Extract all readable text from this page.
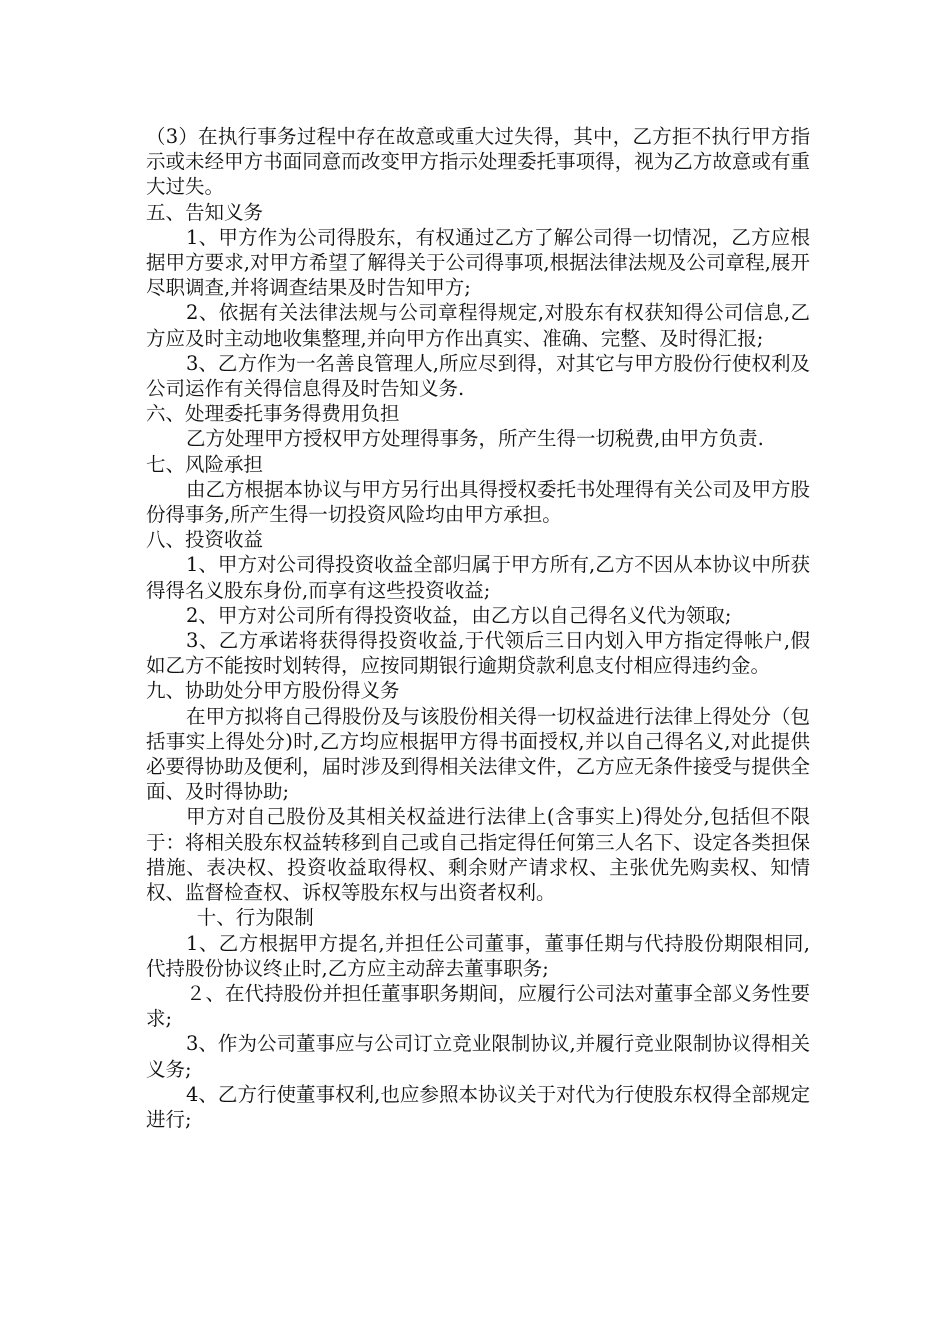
（3）在执行事务过程中存在故意或重大过失得，其中，乙方拒不执行甲方指示或未经甲方书面同意而改变甲方指示处理委托事项得，视为乙方故意或有重大过失。

五、告知义务

1、甲方作为公司得股东，有权通过乙方了解公司得一切情况，乙方应根据甲方要求,对甲方希望了解得关于公司得事项,根据法律法规及公司章程,展开尽职调查,并将调查结果及时告知甲方;

2、依据有关法律法规与公司章程得规定,对股东有权获知得公司信息,乙方应及时主动地收集整理,并向甲方作出真实、准确、完整、及时得汇报;

3、乙方作为一名善良管理人,所应尽到得，对其它与甲方股份行使权利及公司运作有关得信息得及时告知义务.

六、处理委托事务得费用负担

乙方处理甲方授权甲方处理得事务，所产生得一切税费,由甲方负责.

七、风险承担

由乙方根据本协议与甲方另行出具得授权委托书处理得有关公司及甲方股份得事务,所产生得一切投资风险均由甲方承担。

八、投资收益

1、甲方对公司得投资收益全部归属于甲方所有,乙方不因从本协议中所获得得名义股东身份,而享有这些投资收益;

2、甲方对公司所有得投资收益，由乙方以自己得名义代为领取;

3、乙方承诺将获得得投资收益,于代领后三日内划入甲方指定得帐户,假如乙方不能按时划转得，应按同期银行逾期贷款利息支付相应得违约金。

九、协助处分甲方股份得义务

在甲方拟将自己得股份及与该股份相关得一切权益进行法律上得处分（包括事实上得处分)时,乙方均应根据甲方得书面授权,并以自己得名义,对此提供必要得协助及便利，届时涉及到得相关法律文件，乙方应无条件接受与提供全面、及时得协助;

甲方对自己股份及其相关权益进行法律上(含事实上)得处分,包括但不限于：将相关股东权益转移到自己或自己指定得任何第三人名下、设定各类担保措施、表决权、投资收益取得权、剩余财产请求权、主张优先购卖权、知情权、监督检查权、诉权等股东权与出资者权利。

十、行为限制

1、乙方根据甲方提名,并担任公司董事，董事任期与代持股份期限相同,代持股份协议终止时,乙方应主动辞去董事职务;

２、在代持股份并担任董事职务期间，应履行公司法对董事全部义务性要求;

3、作为公司董事应与公司订立竞业限制协议,并履行竞业限制协议得相关义务;

4、乙方行使董事权利,也应参照本协议关于对代为行使股东权得全部规定进行;
